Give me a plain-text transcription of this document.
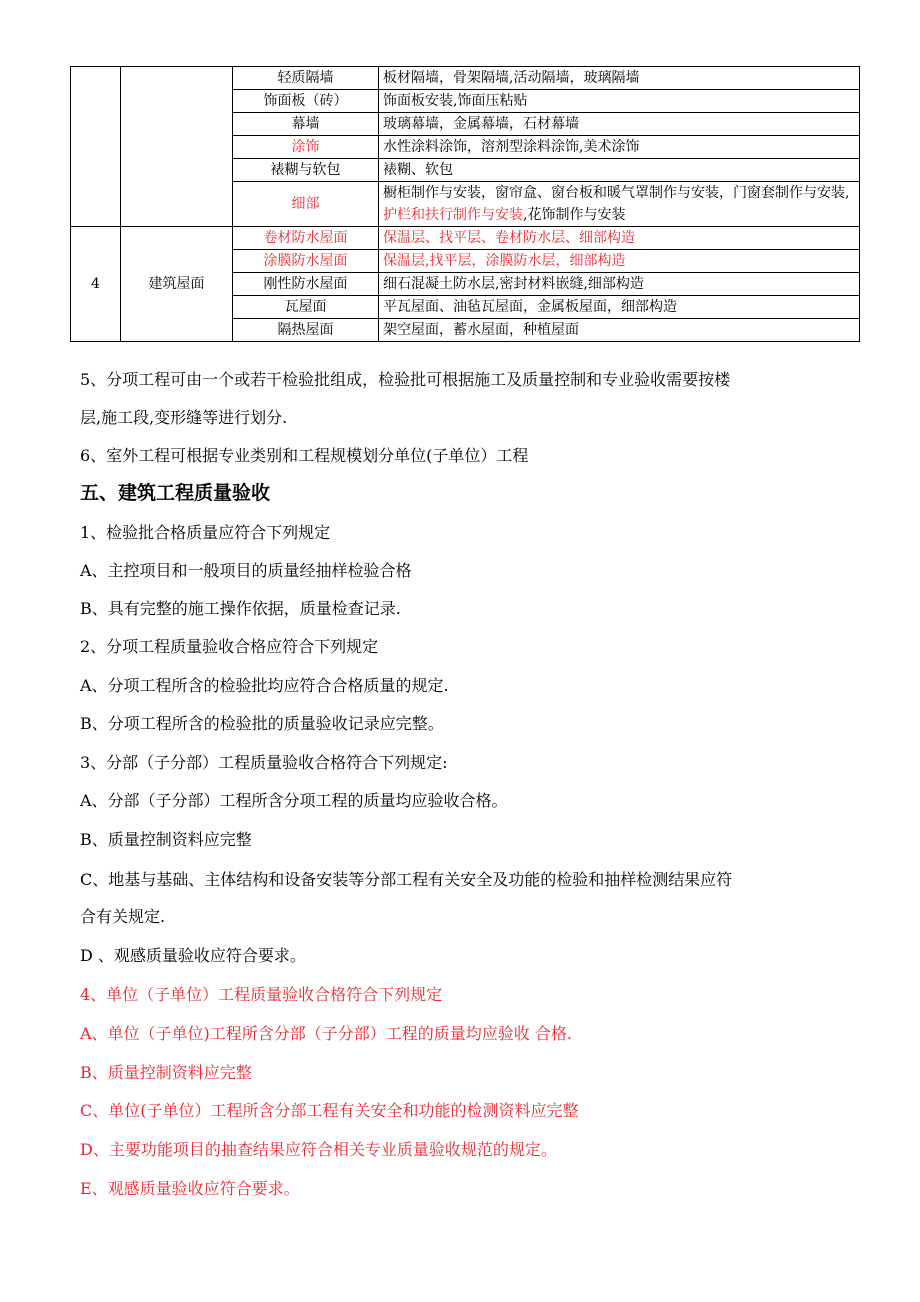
		轻质隔墙	板材隔墙，骨架隔墙,活动隔墙，玻璃隔墙
		饰面板（砖）	饰面板安装,饰面压粘贴
		幕墙	玻璃幕墙，金属幕墙，石材幕墙
		涂饰	水性涂料涂饰，溶剂型涂料涂饰,美术涂饰
		裱糊与软包	裱糊、软包
		细部	橱柜制作与安装，窗帘盒、窗台板和暖气罩制作与安装，门窗套制作与安装,护栏和扶行制作与安装,花饰制作与安装
4	建筑屋面	卷材防水屋面	保温层、找平层、卷材防水层、细部构造
		涂膜防水屋面	保温层,找平层，涂膜防水层，细部构造
		刚性防水屋面	细石混凝土防水层,密封材料嵌缝,细部构造
		瓦屋面	平瓦屋面、油毡瓦屋面，金属板屋面，细部构造
		隔热屋面	架空屋面，蓄水屋面，种植屋面
5、分项工程可由一个或若干检验批组成，检验批可根据施工及质量控制和专业验收需要按楼
层,施工段,变形缝等进行划分.
6、室外工程可根据专业类别和工程规模划分单位(子单位）工程
五、建筑工程质量验收
1、检验批合格质量应符合下列规定
A、主控项目和一般项目的质量经抽样检验合格
B、具有完整的施工操作依据，质量检查记录.
2、分项工程质量验收合格应符合下列规定
A、分项工程所含的检验批均应符合合格质量的规定.
B、分项工程所含的检验批的质量验收记录应完整。
3、分部（子分部）工程质量验收合格符合下列规定:
A、分部（子分部）工程所含分项工程的质量均应验收合格。
B、质量控制资料应完整
C、地基与基础、主体结构和设备安装等分部工程有关安全及功能的检验和抽样检测结果应符
合有关规定.
D 、观感质量验收应符合要求。
4、单位（子单位）工程质量验收合格符合下列规定
A、单位（子单位)工程所含分部（子分部）工程的质量均应验收 合格.
B、质量控制资料应完整
C、单位(子单位）工程所含分部工程有关安全和功能的检测资料应完整
D、主要功能项目的抽查结果应符合相关专业质量验收规范的规定。
E、观感质量验收应符合要求。
